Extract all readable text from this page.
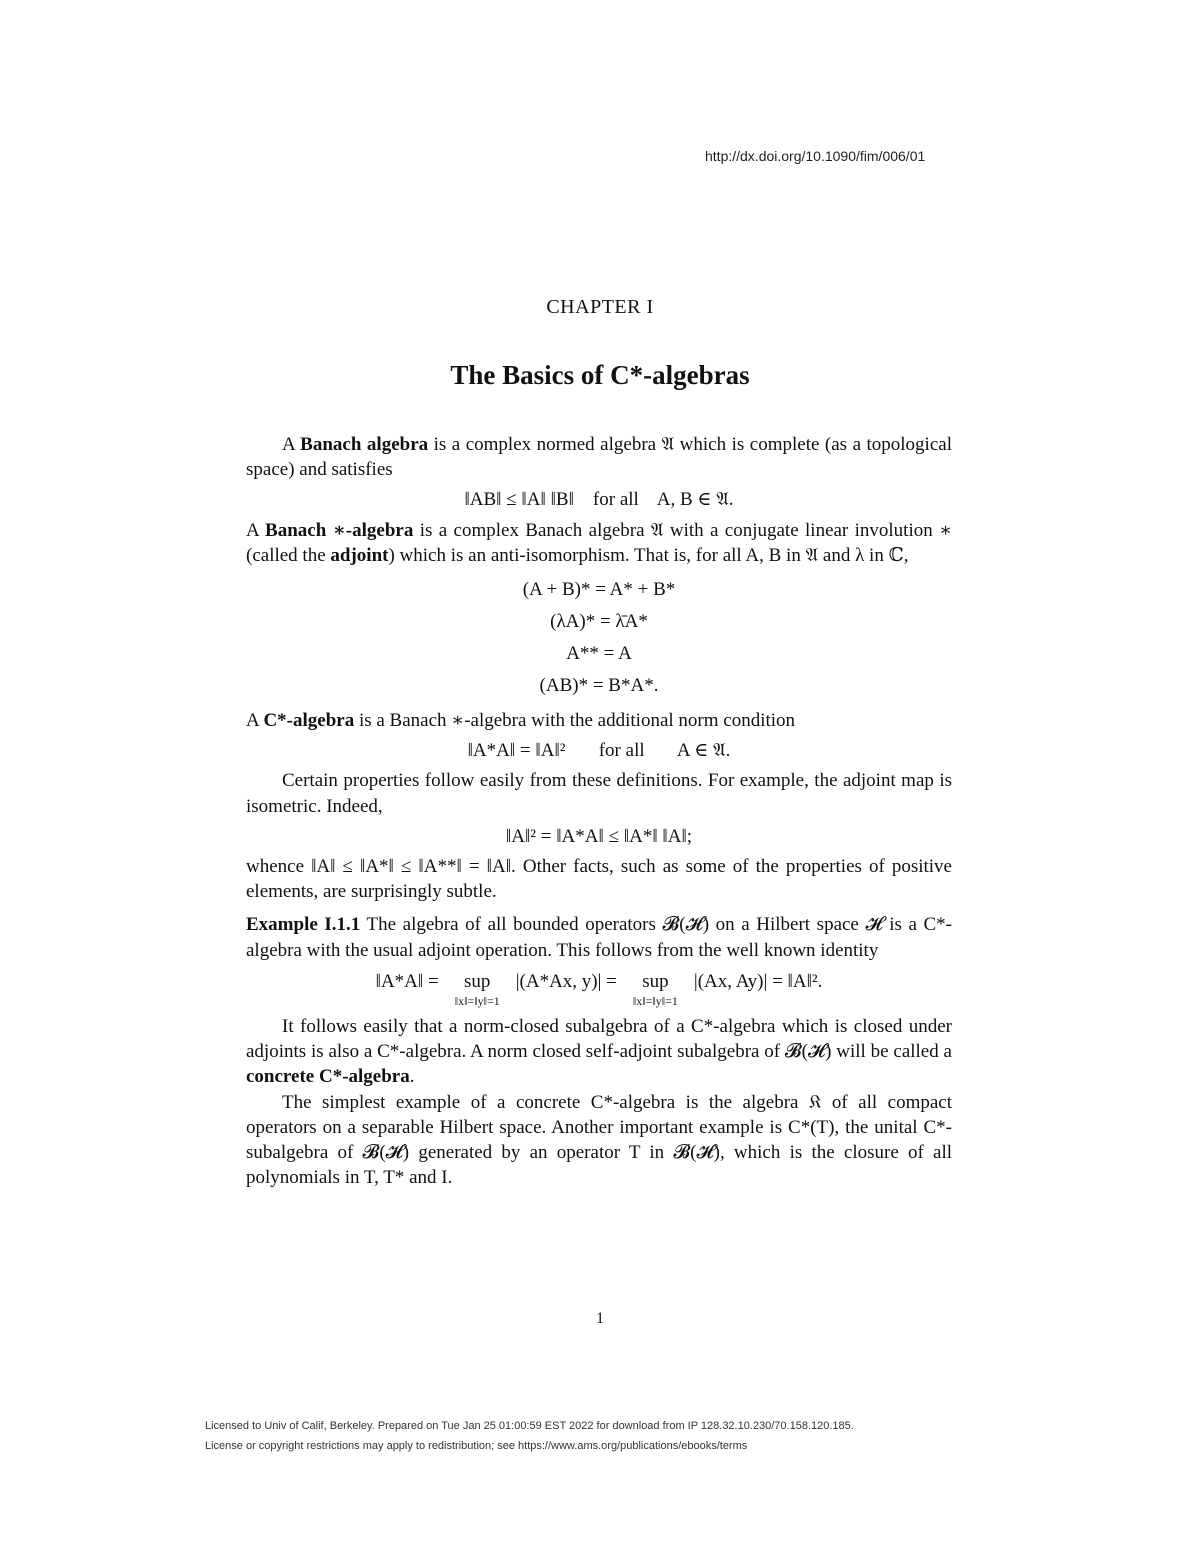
http://dx.doi.org/10.1090/fim/006/01
CHAPTER I
The Basics of C*-algebras

A Banach algebra is a complex normed algebra 𝔄 which is complete (as a topological space) and satisfies

‖AB‖ ≤ ‖A‖ ‖B‖    for all    A, B ∈ 𝔄.

A Banach ∗-algebra is a complex Banach algebra 𝔄 with a conjugate linear involution ∗ (called the adjoint) which is an anti-isomorphism. That is, for all A, B in 𝔄 and λ in ℂ,

(A + B)* = A* + B*
(λA)* = λ̄A*
A** = A
(AB)* = B*A*.

A C*-algebra is a Banach ∗-algebra with the additional norm condition

‖A*A‖ = ‖A‖²       for all       A ∈ 𝔄.

Certain properties follow easily from these definitions. For example, the adjoint map is isometric. Indeed,

‖A‖² = ‖A*A‖ ≤ ‖A*‖ ‖A‖;

whence ‖A‖ ≤ ‖A*‖ ≤ ‖A**‖ = ‖A‖. Other facts, such as some of the properties of positive elements, are surprisingly subtle.

Example I.1.1 The algebra of all bounded operators 𝓑(𝓗) on a Hilbert space 𝓗 is a C*-algebra with the usual adjoint operation. This follows from the well known identity

‖A*A‖ = sup
‖x‖=‖y‖=1
|(A*Ax, y)| = sup
‖x‖=‖y‖=1
|(Ax, Ay)| = ‖A‖².

It follows easily that a norm-closed subalgebra of a C*-algebra which is closed under adjoints is also a C*-algebra. A norm closed self-adjoint subalgebra of 𝓑(𝓗) will be called a concrete C*-algebra.

The simplest example of a concrete C*-algebra is the algebra 𝔎 of all compact operators on a separable Hilbert space. Another important example is C*(T), the unital C*-subalgebra of 𝓑(𝓗) generated by an operator T in 𝓑(𝓗), which is the closure of all polynomials in T, T* and I.

1
Licensed to Univ of Calif, Berkeley. Prepared on Tue Jan 25 01:00:59 EST 2022 for download from IP 128.32.10.230/70.158.120.185.
License or copyright restrictions may apply to redistribution; see https://www.ams.org/publications/ebooks/terms
